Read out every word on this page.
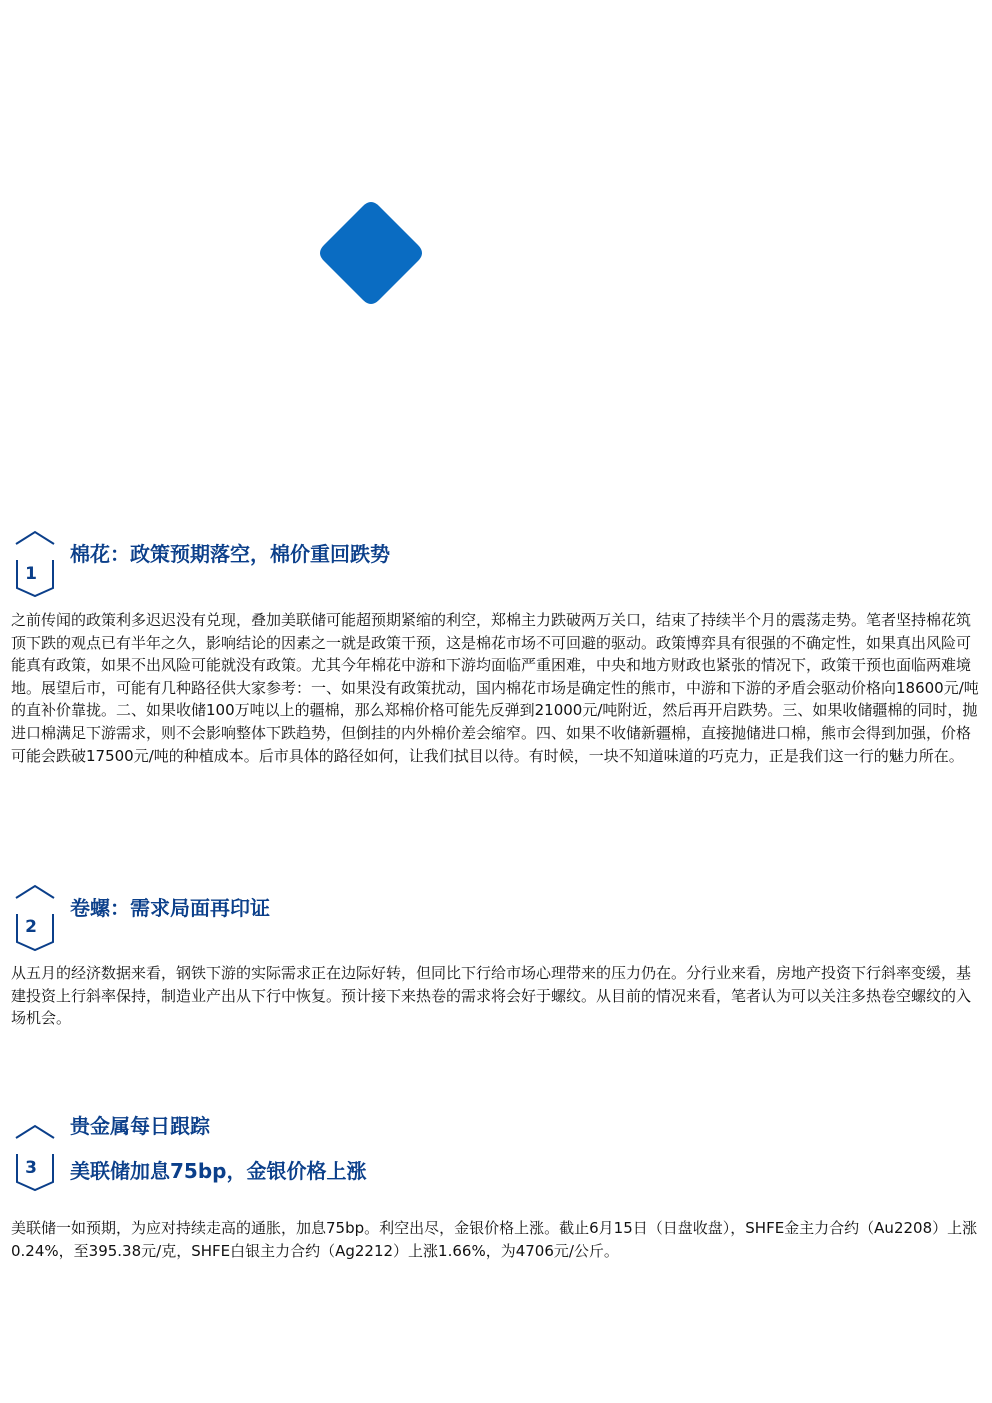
1
棉花：政策预期落空，棉价重回跌势

之前传闻的政策利多迟迟没有兑现，叠加美联储可能超预期紧缩的利空，郑棉主力跌破两万关口，结束了持续半个月的震荡走势。笔者坚持棉花筑顶下跌的观点已有半年之久，影响结论的因素之一就是政策干预，这是棉花市场不可回避的驱动。政策博弈具有很强的不确定性，如果真出风险可能真有政策，如果不出风险可能就没有政策。尤其今年棉花中游和下游均面临严重困难，中央和地方财政也紧张的情况下，政策干预也面临两难境地。展望后市，可能有几种路径供大家参考：一、如果没有政策扰动，国内棉花市场是确定性的熊市，中游和下游的矛盾会驱动价格向18600元/吨的直补价靠拢。二、如果收储100万吨以上的疆棉，那么郑棉价格可能先反弹到21000元/吨附近，然后再开启跌势。三、如果收储疆棉的同时，抛进口棉满足下游需求，则不会影响整体下跌趋势，但倒挂的内外棉价差会缩窄。四、如果不收储新疆棉，直接抛储进口棉，熊市会得到加强，价格可能会跌破17500元/吨的种植成本。后市具体的路径如何，让我们拭目以待。有时候，一块不知道味道的巧克力，正是我们这一行的魅力所在。

2
卷螺：需求局面再印证

从五月的经济数据来看，钢铁下游的实际需求正在边际好转，但同比下行给市场心理带来的压力仍在。分行业来看，房地产投资下行斜率变缓，基建投资上行斜率保持，制造业产出从下行中恢复。预计接下来热卷的需求将会好于螺纹。从目前的情况来看，笔者认为可以关注多热卷空螺纹的入场机会。

3
贵金属每日跟踪
美联储加息75bp，金银价格上涨

美联储一如预期，为应对持续走高的通胀，加息75bp。利空出尽，金银价格上涨。截止6月15日（日盘收盘），SHFE金主力合约（Au2208）上涨0.24%，至395.38元/克，SHFE白银主力合约（Ag2212）上涨1.66%，为4706元/公斤。
